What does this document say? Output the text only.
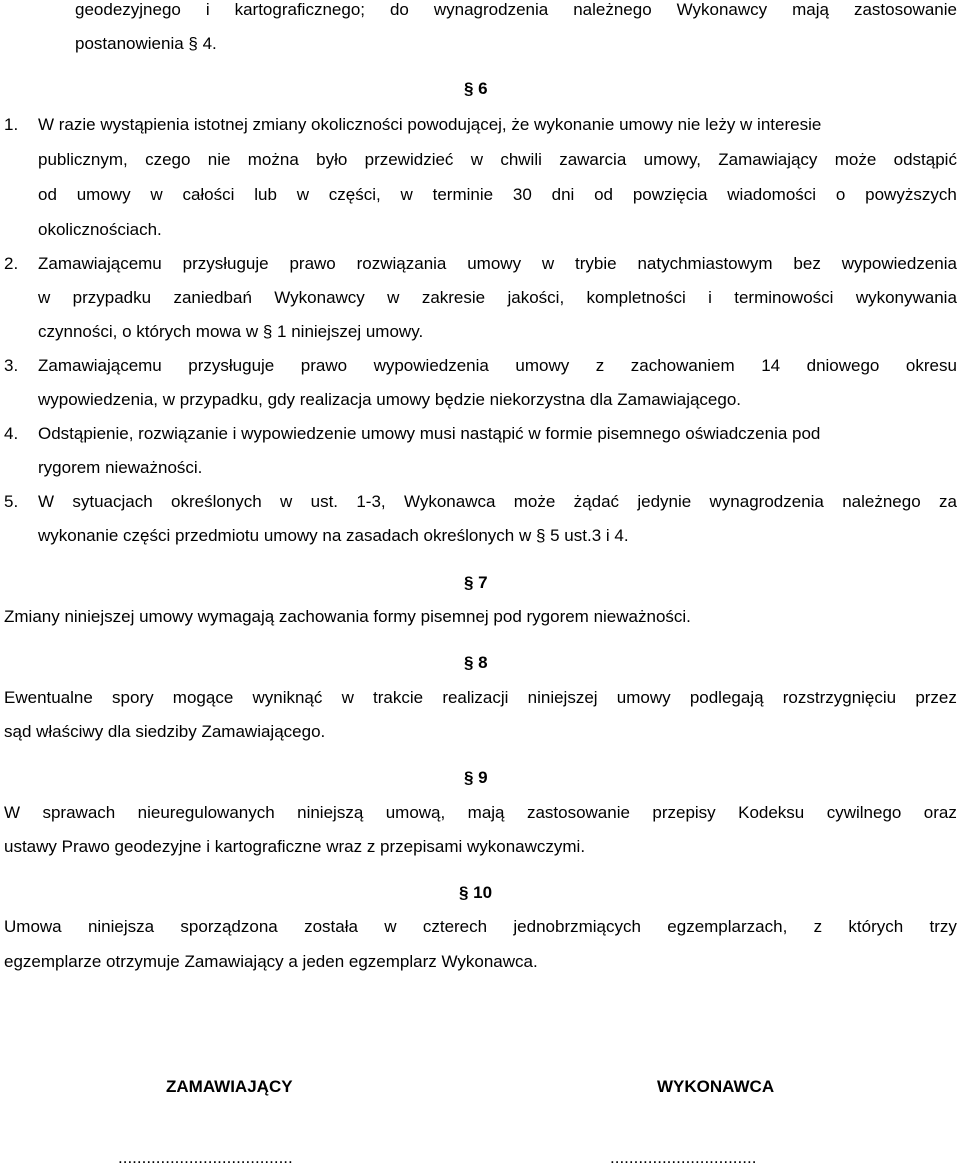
geodezyjnego i kartograficznego; do wynagrodzenia należnego Wykonawcy mają zastosowanie
postanowienia § 4.
§ 6
1. W razie wystąpienia istotnej zmiany okoliczności powodującej, że wykonanie umowy nie leży w interesie
publicznym, czego nie można było przewidzieć w chwili zawarcia umowy, Zamawiający może odstąpić
od umowy w całości lub w części, w terminie 30 dni od powzięcia wiadomości o powyższych
okolicznościach.
2. Zamawiającemu przysługuje prawo rozwiązania umowy w trybie natychmiastowym bez wypowiedzenia
w przypadku zaniedbań Wykonawcy w zakresie jakości, kompletności i terminowości wykonywania
czynności, o których mowa w § 1 niniejszej umowy.
3. Zamawiającemu przysługuje prawo wypowiedzenia umowy z zachowaniem 14 dniowego okresu
wypowiedzenia, w przypadku, gdy realizacja umowy będzie niekorzystna dla Zamawiającego.
4. Odstąpienie, rozwiązanie i wypowiedzenie umowy musi nastąpić w formie pisemnego oświadczenia pod
rygorem nieważności.
5. W sytuacjach określonych w ust. 1-3, Wykonawca może żądać jedynie wynagrodzenia należnego za
wykonanie części przedmiotu umowy na zasadach określonych w § 5 ust.3 i 4.
§ 7
Zmiany niniejszej umowy wymagają zachowania formy pisemnej pod rygorem nieważności.
§ 8
Ewentualne spory mogące wyniknąć w trakcie realizacji niniejszej umowy podlegają rozstrzygnięciu przez
sąd właściwy dla siedziby Zamawiającego.
§ 9
W sprawach nieuregulowanych niniejszą umową, mają zastosowanie przepisy Kodeksu cywilnego oraz
ustawy Prawo geodezyjne i kartograficzne wraz z przepisami wykonawczymi.
§ 10
Umowa niniejsza sporządzona została w czterech jednobrzmiących egzemplarzach, z których trzy
egzemplarze otrzymuje Zamawiający a jeden egzemplarz Wykonawca.
ZAMAWIAJĄCY	WYKONAWCA
.....................................	...............................
